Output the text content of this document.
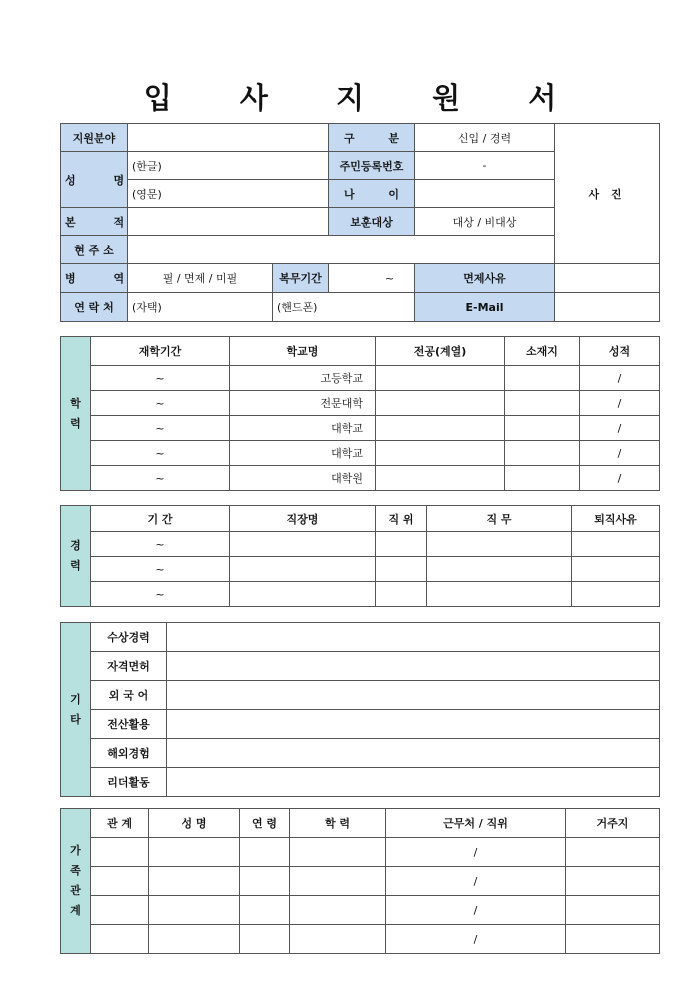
입 사 지 원 서
지원분야			구 분	신입 / 경력	사 진
성 명	(한글)		주민등록번호	-	
	(영문)		나 이		
본 적			보훈대상	대상 / 비대상	
현 주 소					
병 역	필 / 면제 / 미필	복무기간	~	면제사유	
연 락 처	(자택)	(핸드폰)		E-Mail	
학 력	재학기간	학교명	전공(계열)	소재지	성적
	~	고등학교			/
	~	전문대학			/
	~	대학교			/
	~	대학교			/
	~	대학원			/
경 력	기 간	직장명	직 위	직 무	퇴직사유
	~				
	~				
	~				
기 타	수상경력	
	자격면허	
	외 국 어	
	전산활용	
	해외경험	
	리더활동	
가 족 관 계	관 계	성 명	연 령	학 력	근무처 / 직위	거주지
					/	
					/	
					/	
					/	
